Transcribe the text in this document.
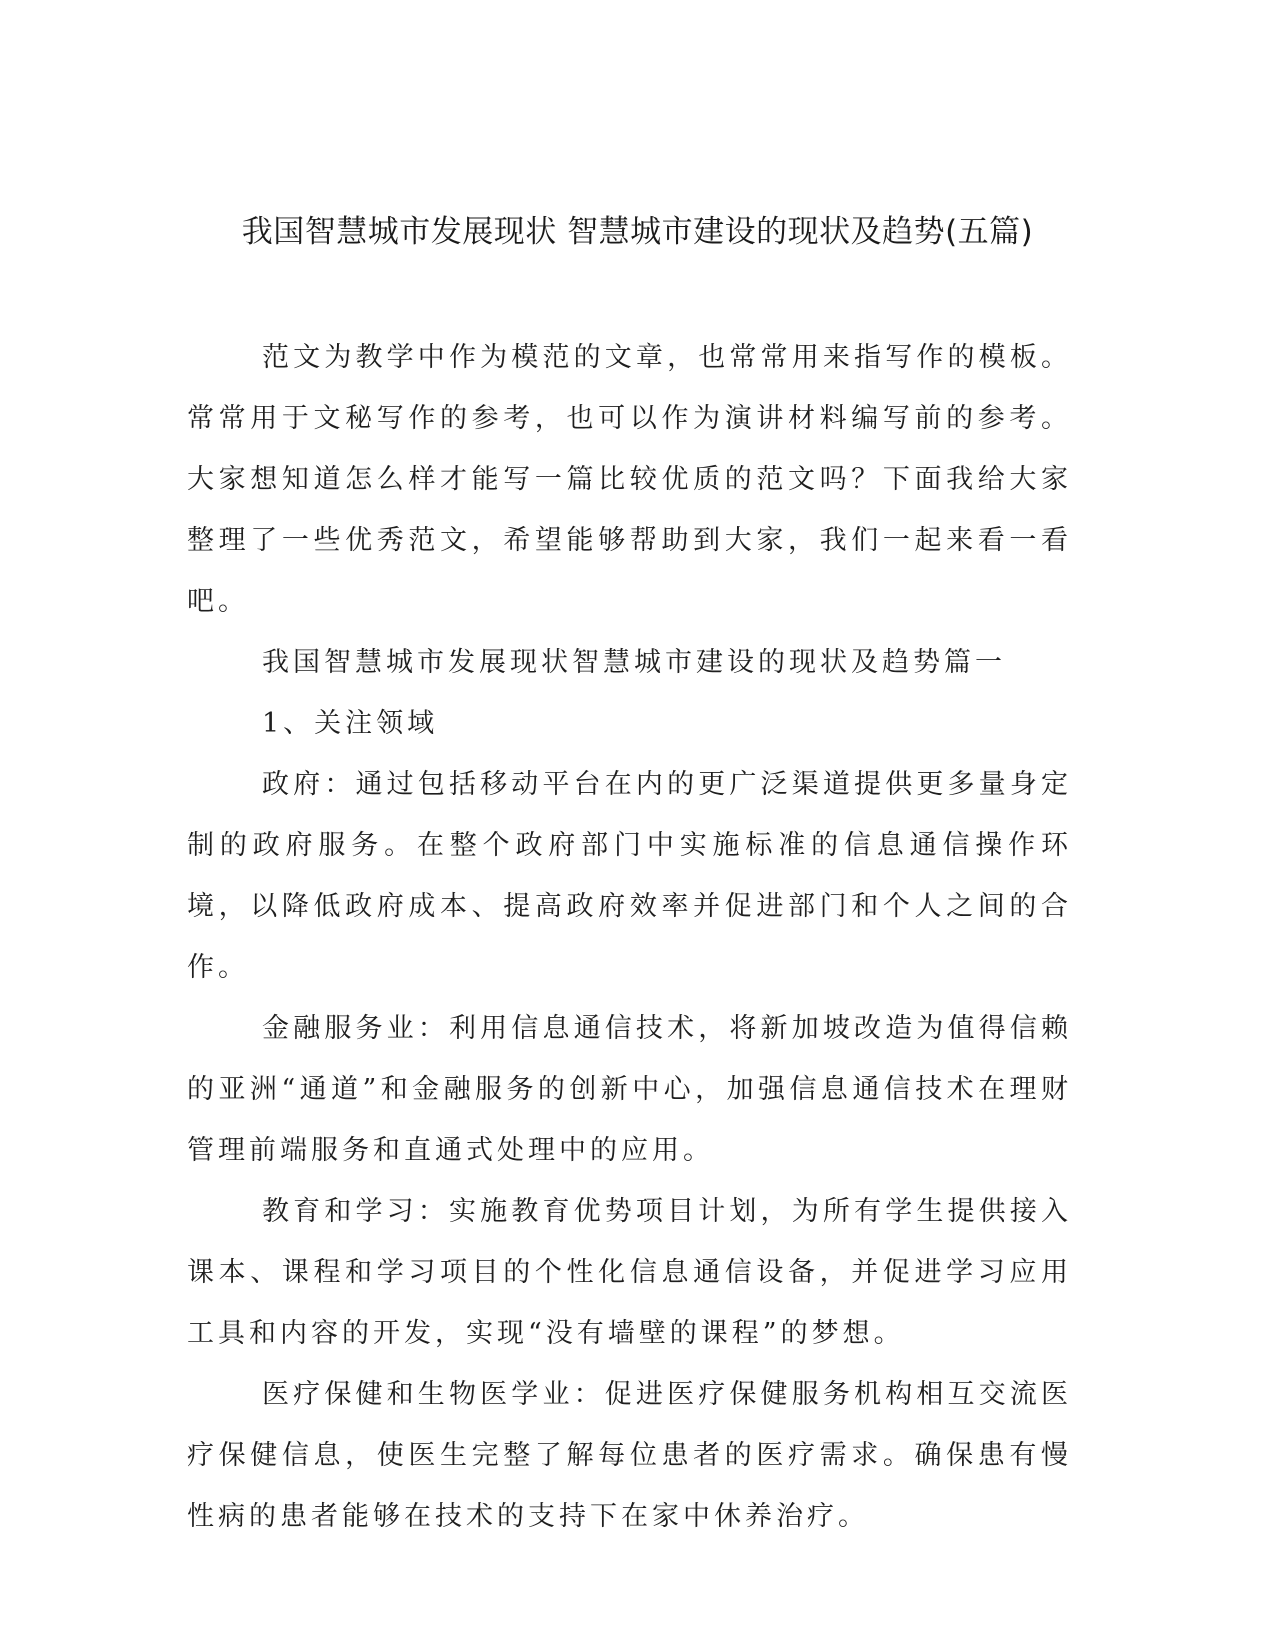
我国智慧城市发展现状 智慧城市建设的现状及趋势(五篇)

范文为教学中作为模范的文章，也常常用来指写作的模板。常常用于文秘写作的参考，也可以作为演讲材料编写前的参考。大家想知道怎么样才能写一篇比较优质的范文吗？下面我给大家整理了一些优秀范文，希望能够帮助到大家，我们一起来看一看吧。

我国智慧城市发展现状智慧城市建设的现状及趋势篇一

1、关注领域

政府：通过包括移动平台在内的更广泛渠道提供更多量身定制的政府服务。在整个政府部门中实施标准的信息通信操作环境，以降低政府成本、提高政府效率并促进部门和个人之间的合作。

金融服务业：利用信息通信技术，将新加坡改造为值得信赖的亚洲“通道”和金融服务的创新中心，加强信息通信技术在理财管理前端服务和直通式处理中的应用。

教育和学习：实施教育优势项目计划，为所有学生提供接入课本、课程和学习项目的个性化信息通信设备，并促进学习应用工具和内容的开发，实现“没有墙壁的课程”的梦想。

医疗保健和生物医学业：促进医疗保健服务机构相互交流医疗保健信息，使医生完整了解每位患者的医疗需求。确保患有慢性病的患者能够在技术的支持下在家中休养治疗。
